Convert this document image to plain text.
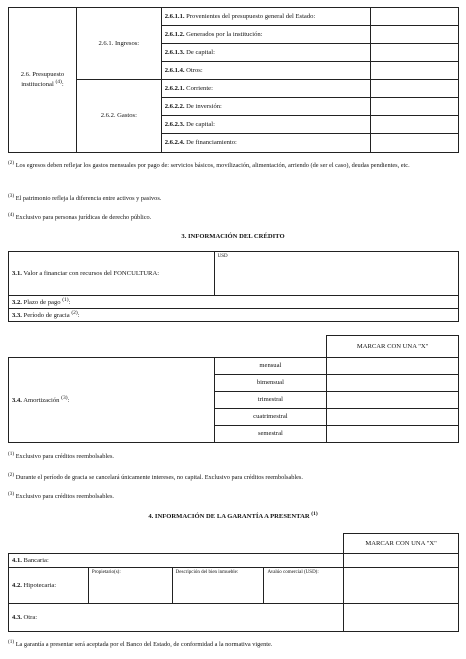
2.6. Presupuesto institucional $^{(4)}$:	2.6.1. Ingresos:	2.6.1.1. Provenientes del presupuesto general del Estado:	
		2.6.1.2. Generados por la institución:	
		2.6.1.3. De capital:	
		2.6.1.4. Otros:	
	2.6.2. Gastos:	2.6.2.1. Corriente:	
		2.6.2.2. De inversión:	
		2.6.2.3. De capital:	
		2.6.2.4. De financiamiento:	
$^{(2)}$ Los egresos deben reflejar los gastos mensuales por pago de: servicios básicos, movilización, alimentación, arriendo (de ser el caso), deudas pendientes, etc.
$^{(3)}$ El patrimonio refleja la diferencia entre activos y pasivos.
$^{(4)}$ Exclusivo para personas jurídicas de derecho público.
3. INFORMACIÓN DEL CRÉDITO
3.1. Valor a financiar con recursos del FONCULTURA:	USD
3.2. Plazo de pago $^{(1)}$:
3.3. Período de gracia $^{(2)}$:
		MARCAR CON UNA "X"
3.4. Amortización $^{(3)}$:	mensual	
	bimensual	
	trimestral	
	cuatrimestral	
	semestral	
$^{(1)}$ Exclusivo para créditos reembolsables.
$^{(2)}$ Durante el período de gracia se cancelará únicamente intereses, no capital. Exclusivo para créditos reembolsables.
$^{(3)}$ Exclusivo para créditos reembolsables.
4. INFORMACIÓN DE LA GARANTÍA A PRESENTAR $^{(1)}$
				MARCAR CON UNA "X"
4.1. Bancaria:				
4.2. Hipotecaria:	Propietario(s):	Descripción del bien inmueble:	Avalúo comercial (USD):	
4.3. Otra:				
$^{(1)}$ La garantía a presentar será aceptada por el Banco del Estado, de conformidad a la normativa vigente.
